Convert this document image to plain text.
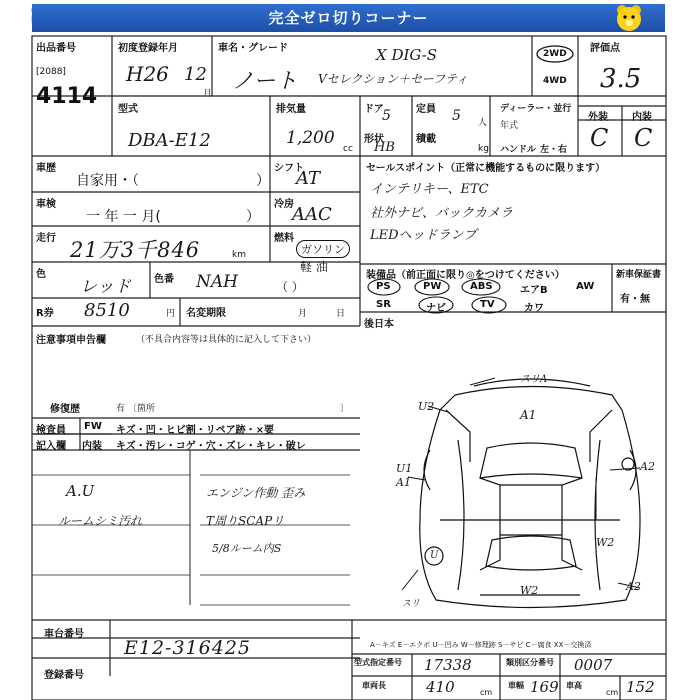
完全ゼロ切りコーナー
出品番号
[2088]
4114
初度登録年月
H26 12
月
車名・グレード
ノート
X DIG-S
Vセレクション＋セーフティ
2WD
4WD
評価点
3.5
型式
DBA-E12
排気量
1,200
cc
ドア
5	定員 5 人
形状
HB
積載
kg
ディーラー・並行
年式
ハンドル 左・右
外装 内装
C C
車歴
自家用・（	）
車検
一 年 一 月(	）
走行 21万3千846	km
色
レッド 色番 NAH
R券 8510	円 名変期限	月	日
シフト
AT
冷房
AAC
燃料
ガソリン
軽 油
（ ）
セールスポイント（正常に機能するものに限ります）
インテリキー、ETC
社外ナビ、バックカメラ
LEDヘッドランプ
装備品（前正面に限り◎をつけてください）	新車保証書
有・無
PS	PW	ABS	エアB	AW
SR	ナビ	TV	カワ
後日本
注意事項申告欄	（不具合内容等は具体的に記入して下さい）
修復歴	有 〔箇所	〕
検査員
記入欄
FW
内装
キズ・凹・ヒビ割・リペア跡・×要
キズ・汚レ・コゲ・穴・ズレ・キレ・破レ
A.U
ルームシミ汚れ
エンジン作動 歪み
T周りSCAPリ
5/8ルーム内S
スリA
A1
U2
U1
A1
A2
W2
W2
U
A2
スリ
車台番号
E12-316425
登録番号
A－キズ E－エクボ U－凹み W－修理跡 S－サビ C－腐食 XX－交換済
型式指定番号 17338	類別区分番号 0007
車両長	410	cm
車幅 169 車高	152
cm
